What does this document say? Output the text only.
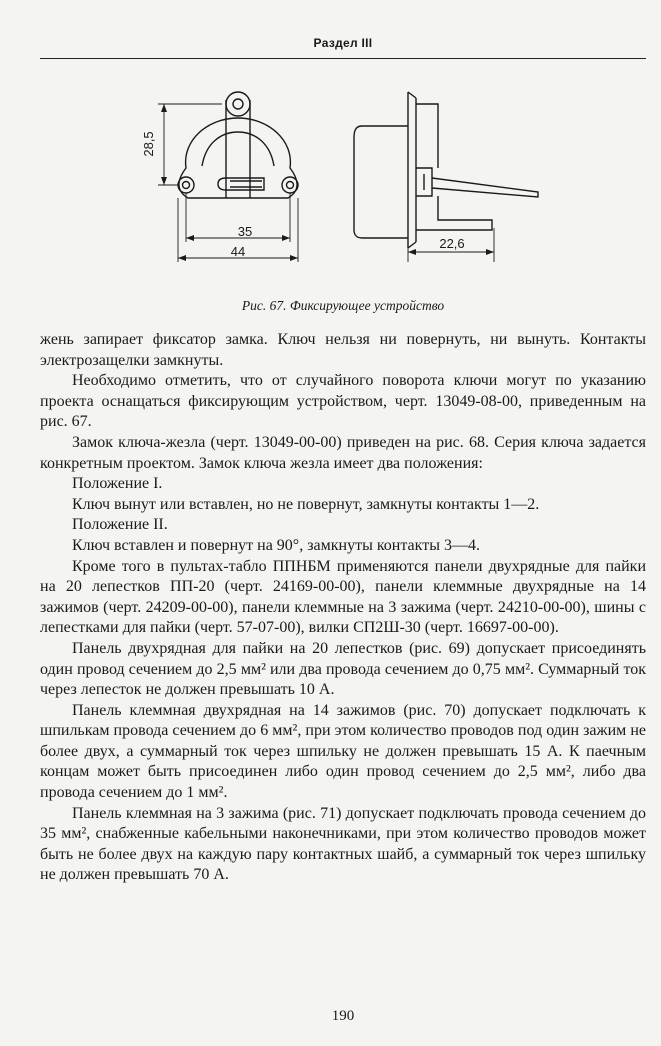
Раздел III
28,5
35
44
22,6
Рис. 67. Фиксирующее устройство

жень запирает фиксатор замка. Ключ нельзя ни повернуть, ни вынуть. Контакты электрозащелки замкнуты.

Необходимо отметить, что от случайного поворота ключи могут по указанию проекта оснащаться фиксирующим устройством, черт. 13049-08-00, приведенным на рис. 67.

Замок ключа-жезла (черт. 13049-00-00) приведен на рис. 68. Серия ключа задается конкретным проектом. Замок ключа жезла имеет два положения:

Положение I.

Ключ вынут или вставлен, но не повернут, замкнуты контакты 1—2.

Положение II.

Ключ вставлен и повернут на 90°, замкнуты контакты 3—4.

Кроме того в пультах-табло ППНБМ применяются панели двухрядные для пайки на 20 лепестков ПП-20 (черт. 24169-00-00), панели клеммные двухрядные на 14 зажимов (черт. 24209-00-00), панели клеммные на 3 зажима (черт. 24210-00-00), шины с лепестками для пайки (черт. 57-07-00), вилки СП2Ш-30 (черт. 16697-00-00).

Панель двухрядная для пайки на 20 лепестков (рис. 69) допускает присоединять один провод сечением до 2,5 мм² или два провода сечением до 0,75 мм². Суммарный ток через лепесток не должен превышать 10 А.

Панель клеммная двухрядная на 14 зажимов (рис. 70) допускает подключать к шпилькам провода сечением до 6 мм², при этом количество проводов под один зажим не более двух, а суммарный ток через шпильку не должен превышать 15 А. К паечным концам может быть присоединен либо один провод сечением до 2,5 мм², либо два провода сечением до 1 мм².

Панель клеммная на 3 зажима (рис. 71) допускает подключать провода сечением до 35 мм², снабженные кабельными наконечниками, при этом количество проводов может быть не более двух на каждую пару контактных шайб, а суммарный ток через шпильку не должен превышать 70 А.

190
